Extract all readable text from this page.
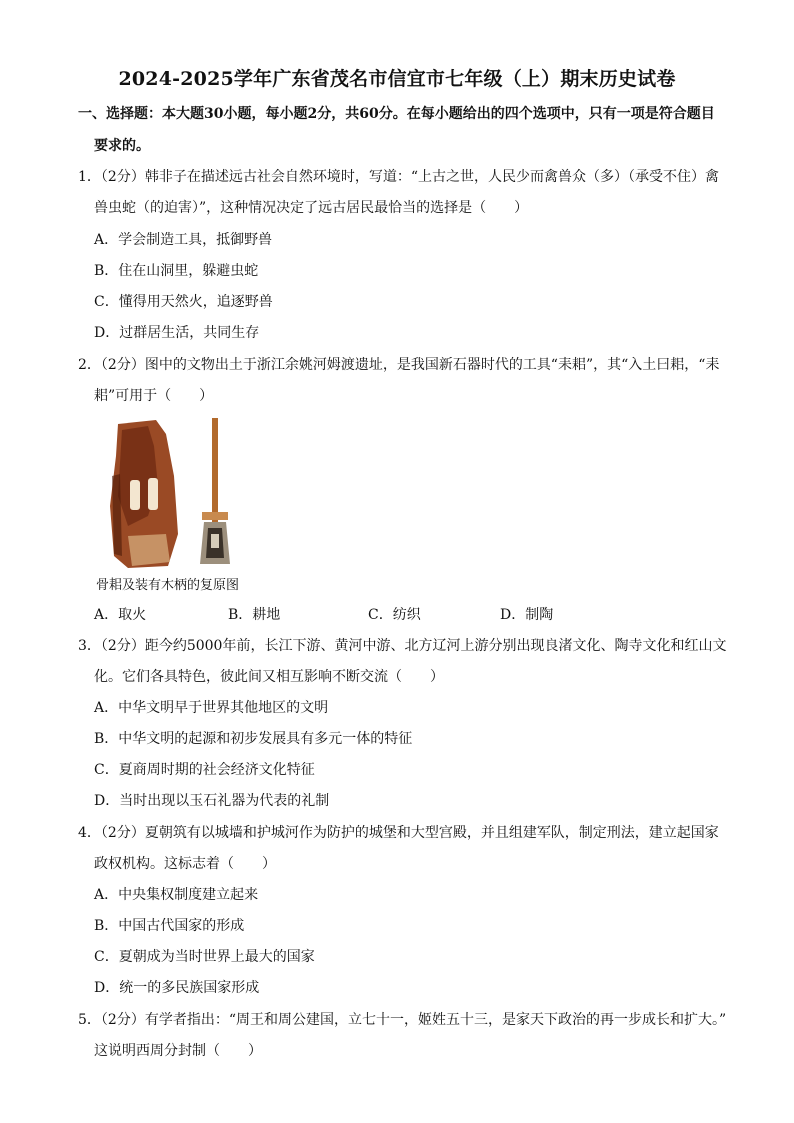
2024-2025学年广东省茂名市信宜市七年级（上）期末历史试卷
一、选择题：本大题30小题，每小题2分，共60分。在每小题给出的四个选项中，只有一项是符合题目
要求的。
1．（2分）韩非子在描述远古社会自然环境时，写道：“上古之世，人民少而禽兽众（多）（承受不住）禽
兽虫蛇（的迫害）”，这种情况决定了远古居民最恰当的选择是（　　）
A．学会制造工具，抵御野兽
B．住在山洞里，躲避虫蛇
C．懂得用天然火，追逐野兽
D．过群居生活，共同生存
2．（2分）图中的文物出土于浙江余姚河姆渡遗址，是我国新石器时代的工具“耒耜”，其“入土曰耜，“耒
耜”可用于（　　）
骨耜及装有木柄的复原图
A．取火	B．耕地	C．纺织	D．制陶
3．（2分）距今约5000年前，长江下游、黄河中游、北方辽河上游分别出现良渚文化、陶寺文化和红山文
化。它们各具特色，彼此间又相互影响不断交流（　　）
A．中华文明早于世界其他地区的文明
B．中华文明的起源和初步发展具有多元一体的特征
C．夏商周时期的社会经济文化特征
D．当时出现以玉石礼器为代表的礼制
4．（2分）夏朝筑有以城墙和护城河作为防护的城堡和大型宫殿，并且组建军队，制定刑法，建立起国家
政权机构。这标志着（　　）
A．中央集权制度建立起来
B．中国古代国家的形成
C．夏朝成为当时世界上最大的国家
D．统一的多民族国家形成
5．（2分）有学者指出：“周王和周公建国，立七十一，姬姓五十三，是家天下政治的再一步成长和扩大。”
这说明西周分封制（　　）
